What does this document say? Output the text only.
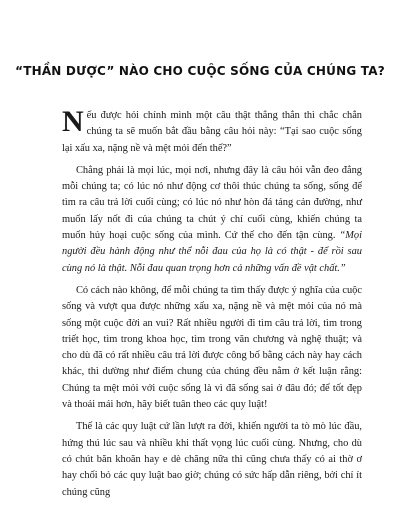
“THẦN DƯỢC” NÀO CHO CUỘC SỐNG CỦA CHÚNG TA?

Nếu được hỏi chính mình một câu thật thẳng thắn thì chắc chắn chúng ta sẽ muốn bắt đầu bằng câu hỏi này: “Tại sao cuộc sống lại xấu xa, nặng nề và mệt mỏi đến thế?”

Chẳng phải là mọi lúc, mọi nơi, nhưng đây là câu hỏi vẫn đeo đẳng mỗi chúng ta; có lúc nó như động cơ thôi thúc chúng ta sống, sống để tìm ra câu trả lời cuối cùng; có lúc nó như hòn đá tảng cản đường, như muốn lấy nốt đi của chúng ta chút ý chí cuối cùng, khiến chúng ta muốn hủy hoại cuộc sống của mình. Cứ thế cho đến tận cùng. “Mọi người đều hành động như thể nỗi đau của họ là có thật - để rồi sau cùng nó là thật. Nỗi đau quan trọng hơn cả những vấn đề vật chất.”

Có cách nào không, để mỗi chúng ta tìm thấy được ý nghĩa của cuộc sống và vượt qua được những xấu xa, nặng nề và mệt mỏi của nó mà sống một cuộc đời an vui? Rất nhiều người đi tìm câu trả lời, tìm trong triết học, tìm trong khoa học, tìm trong văn chương và nghệ thuật; và cho dù đã có rất nhiều câu trả lời được công bố bằng cách này hay cách khác, thì dường như điểm chung của chúng đều nằm ở kết luận rằng: Chúng ta mệt mỏi với cuộc sống là vì đã sống sai ở đâu đó; để tốt đẹp và thoải mái hơn, hãy biết tuân theo các quy luật!

Thế là các quy luật cứ lần lượt ra đời, khiến người ta tò mò lúc đầu, hứng thú lúc sau và nhiều khi thất vọng lúc cuối cùng. Nhưng, cho dù có chút băn khoăn hay e dè chăng nữa thì cũng chưa thấy có ai thờ ơ hay chối bỏ các quy luật bao giờ; chúng có sức hấp dẫn riêng, bởi chí ít chúng cũng
